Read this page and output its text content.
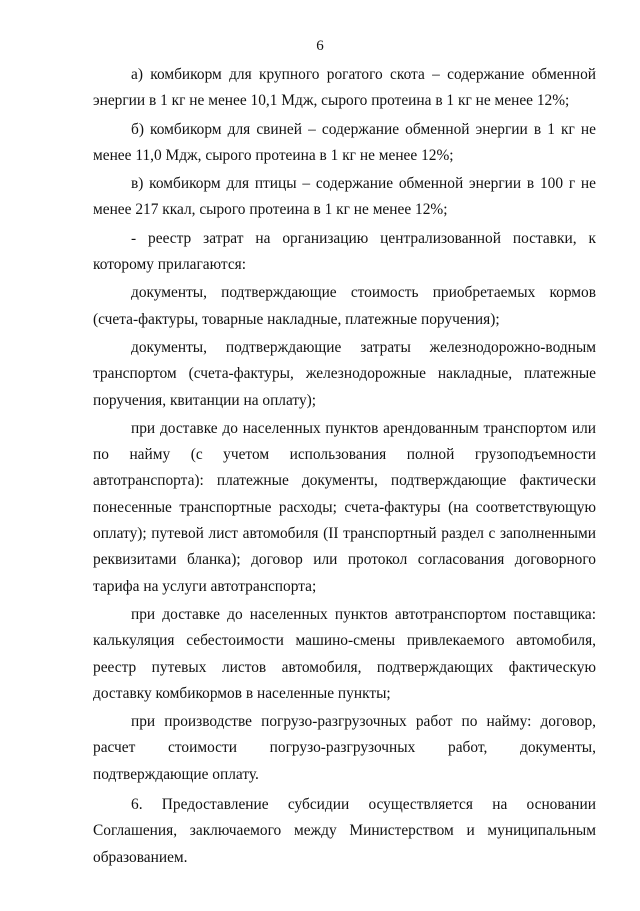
6

а) комбикорм для крупного рогатого скота – содержание обменной энергии в 1 кг не менее 10,1 Мдж, сырого протеина в 1 кг не менее 12%;

б) комбикорм для свиней – содержание обменной энергии в 1 кг не менее 11,0 Мдж, сырого протеина в 1 кг не менее 12%;

в) комбикорм для птицы – содержание обменной энергии в 100 г не менее 217 ккал, сырого протеина в 1 кг не менее 12%;

- реестр затрат на организацию централизованной поставки, к которому прилагаются:

документы, подтверждающие стоимость приобретаемых кормов (счета-фактуры, товарные накладные, платежные поручения);

документы, подтверждающие затраты железнодорожно-водным транспортом (счета-фактуры, железнодорожные накладные, платежные поручения, квитанции на оплату);

при доставке до населенных пунктов арендованным транспортом или по найму (с учетом использования полной грузоподъемности автотранспорта): платежные документы, подтверждающие фактически понесенные транспортные расходы; счета-фактуры (на соответствующую оплату); путевой лист автомобиля (II транспортный раздел с заполненными реквизитами бланка); договор или протокол согласования договорного тарифа на услуги автотранспорта;

при доставке до населенных пунктов автотранспортом поставщика: калькуляция себестоимости машино-смены привлекаемого автомобиля, реестр путевых листов автомобиля, подтверждающих фактическую доставку комбикормов в населенные пункты;

при производстве погрузо-разгрузочных работ по найму: договор, расчет стоимости погрузо-разгрузочных работ, документы, подтверждающие оплату.

6. Предоставление субсидии осуществляется на основании Соглашения, заключаемого между Министерством и муниципальным образованием.
